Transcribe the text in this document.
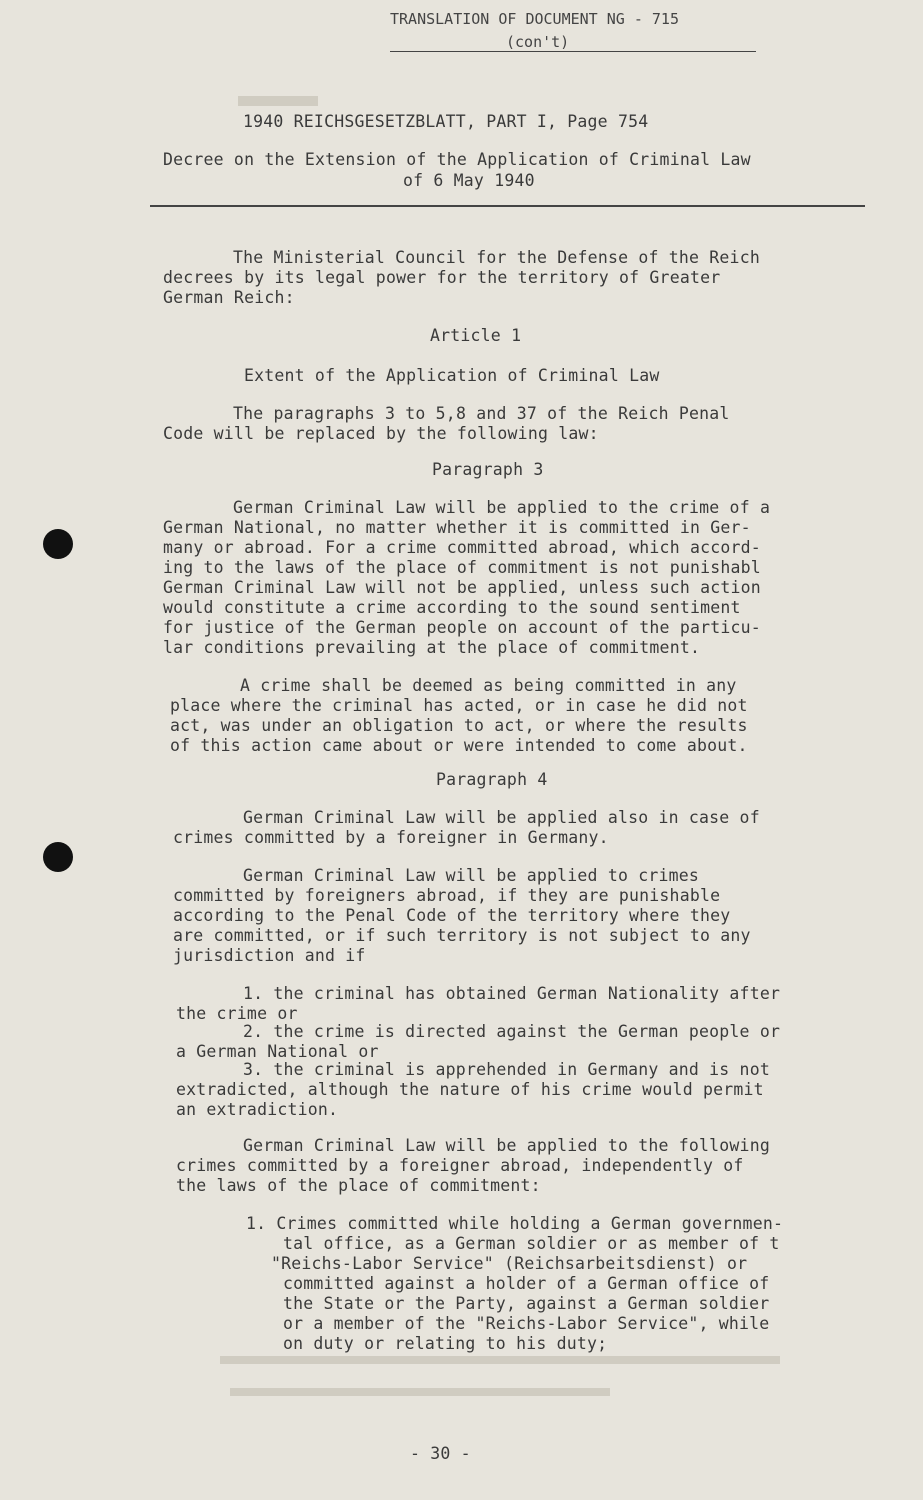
TRANSLATION OF DOCUMENT NG - 715
(con't)
1940 REICHSGESETZBLATT, PART I, Page 754
Decree on the Extension of the Application of Criminal Law
of 6 May 1940
The Ministerial Council for the Defense of the Reich
decrees by its legal power for the territory of Greater
German Reich:
Article 1
Extent of the Application of Criminal Law
The paragraphs 3 to 5,8 and 37 of the Reich Penal
Code will be replaced by the following law:
Paragraph 3
German Criminal Law will be applied to the crime of a
German National, no matter whether it is committed in Ger-
many or abroad. For a crime committed abroad, which accord-
ing to the laws of the place of commitment is not punishabl
German Criminal Law will not be applied, unless such action
would constitute a crime according to the sound sentiment
for justice of the German people on account of the particu-
lar conditions prevailing at the place of commitment.
A crime shall be deemed as being committed in any
place where the criminal has acted, or in case he did not
act, was under an obligation to act, or where the results
of this action came about or were intended to come about.
Paragraph 4
German Criminal Law will be applied also in case of
crimes committed by a foreigner in Germany.
German Criminal Law will be applied to crimes
committed by foreigners abroad, if they are punishable
according to the Penal Code of the territory where they
are committed, or if such territory is not subject to any
jurisdiction and if
1. the criminal has obtained German Nationality after
the crime or
2. the crime is directed against the German people or
a German National or
3. the criminal is apprehended in Germany and is not
extradicted, although the nature of his crime would permit
an extradiction.
German Criminal Law will be applied to the following
crimes committed by a foreigner abroad, independently of
the laws of the place of commitment:
1. Crimes committed while holding a German governmen-
tal office, as a German soldier or as member of t
"Reichs-Labor Service" (Reichsarbeitsdienst) or
committed against a holder of a German office of
the State or the Party, against a German soldier
or a member of the "Reichs-Labor Service", while
on duty or relating to his duty;
- 30 -
